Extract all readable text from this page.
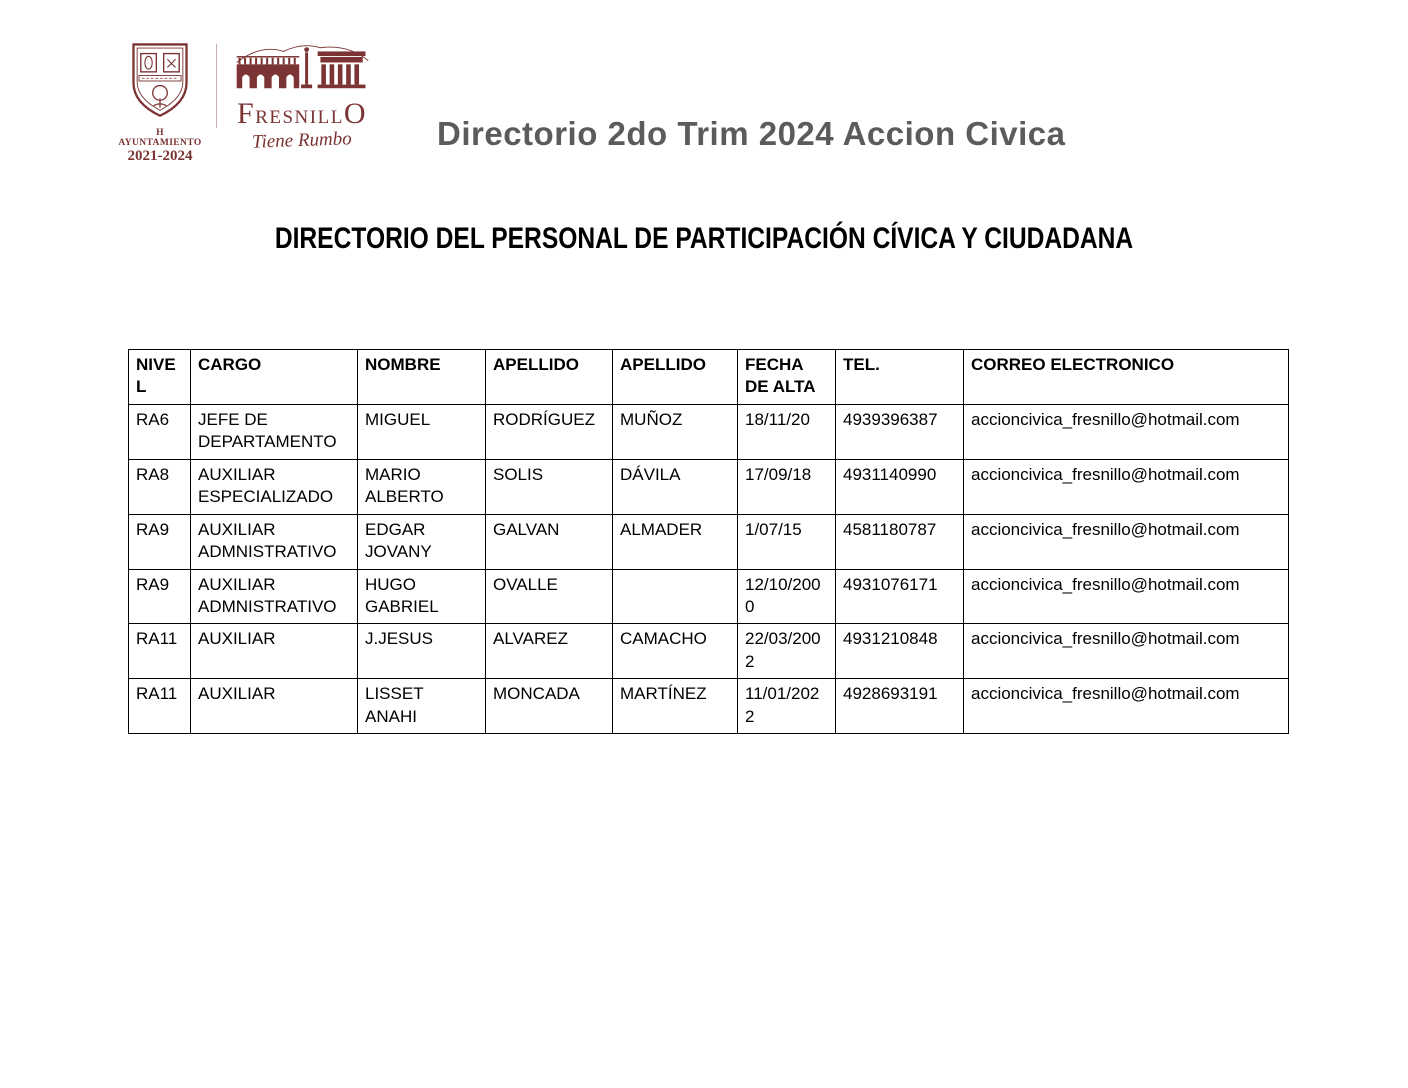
H AYUNTAMIENTO
2021-2024
F RESNILL O
Tiene Rumbo	Directorio 2do Trim 2024 Accion Civica
DIRECTORIO DEL PERSONAL DE PARTICIPACIÓN CÍVICA Y CIUDADANA
NIVEL	CARGO	NOMBRE	APELLIDO	APELLIDO	FECHA DE ALTA	TEL.	CORREO ELECTRONICO
RA6	JEFE DE DEPARTAMENTO	MIGUEL	RODRÍGUEZ	MUÑOZ	18/11/20	4939396387	accioncivica_fresnillo@hotmail.com
RA8	AUXILIAR ESPECIALIZADO	MARIO ALBERTO	SOLIS	DÁVILA	17/09/18	4931140990	accioncivica_fresnillo@hotmail.com
RA9	AUXILIAR ADMNISTRATIVO	EDGAR JOVANY	GALVAN	ALMADER	1/07/15	4581180787	accioncivica_fresnillo@hotmail.com
RA9	AUXILIAR ADMNISTRATIVO	HUGO GABRIEL	OVALLE		12/10/2000	4931076171	accioncivica_fresnillo@hotmail.com
RA11	AUXILIAR	J.JESUS	ALVAREZ	CAMACHO	22/03/2002	4931210848	accioncivica_fresnillo@hotmail.com
RA11	AUXILIAR	LISSET ANAHI	MONCADA	MARTÍNEZ	11/01/2022	4928693191	accioncivica_fresnillo@hotmail.com
